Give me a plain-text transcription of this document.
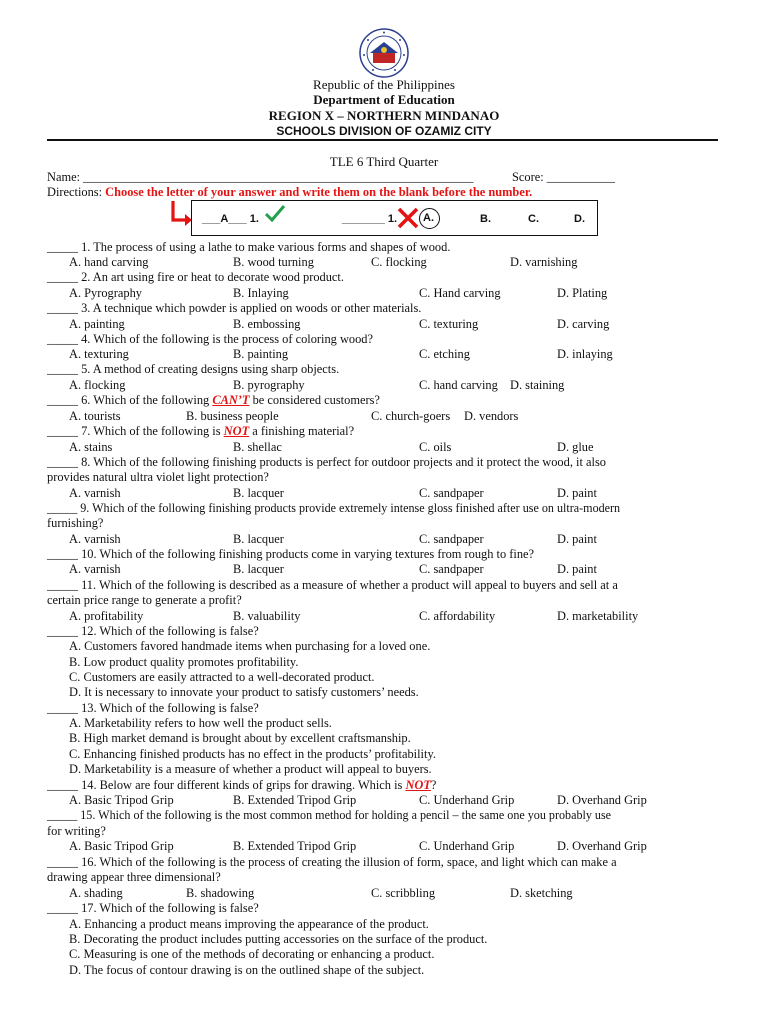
Republic of the Philippines
Department of Education
REGION X – NORTHERN MINDANAO
SCHOOLS DIVISION OF OZAMIZ CITY
TLE 6 Third Quarter
Name: _______________________________________________________________	Score: ___________
Directions: Choose the letter of your answer and write them on the blank before the number.
___A___ 1.	_______ 1. A.	B.	C.	D.
_____ 1. The process of using a lathe to make various forms and shapes of wood.
A. hand carving	B. wood turning	C. flocking	D. varnishing
_____ 2. An art using fire or heat to decorate wood product.
A. Pyrography	B. Inlaying	C. Hand carving	D. Plating
_____ 3. A technique which powder is applied on woods or other materials.
A. painting	B. embossing	C. texturing	D. carving
_____ 4. Which of the following is the process of coloring wood?
A. texturing	B. painting	C. etching	D. inlaying
_____ 5. A method of creating designs using sharp objects.
A. flocking	B. pyrography	C. hand carving D. staining
_____ 6. Which of the following CAN’T be considered customers?
A. tourists	B. business people	C. church-goers D. vendors
_____ 7. Which of the following is NOT a finishing material?
A. stains	B. shellac	C. oils	D. glue
_____ 8. Which of the following finishing products is perfect for outdoor projects and it protect the wood, it also
provides natural ultra violet light protection?
A. varnish	B. lacquer	C. sandpaper	D. paint
_____ 9. Which of the following finishing products provide extremely intense gloss finished after use on ultra-modern
furnishing?
A. varnish	B. lacquer	C. sandpaper	D. paint
_____ 10. Which of the following finishing products come in varying textures from rough to fine?
A. varnish	B. lacquer	C. sandpaper	D. paint
_____ 11. Which of the following is described as a measure of whether a product will appeal to buyers and sell at a
certain price range to generate a profit?
A. profitability	B. valuability	C. affordability	D. marketability
_____ 12. Which of the following is false?
A. Customers favored handmade items when purchasing for a loved one.
B. Low product quality promotes profitability.
C. Customers are easily attracted to a well-decorated product.
D. It is necessary to innovate your product to satisfy customers’ needs.
_____ 13. Which of the following is false?
A. Marketability refers to how well the product sells.
B. High market demand is brought about by excellent craftsmanship.
C. Enhancing finished products has no effect in the products’ profitability.
D. Marketability is a measure of whether a product will appeal to buyers.
_____ 14. Below are four different kinds of grips for drawing. Which is NOT?
A. Basic Tripod Grip	B. Extended Tripod Grip	C. Underhand Grip	D. Overhand Grip
_____ 15. Which of the following is the most common method for holding a pencil – the same one you probably use
for writing?
A. Basic Tripod Grip	B. Extended Tripod Grip	C. Underhand Grip	D. Overhand Grip
_____ 16. Which of the following is the process of creating the illusion of form, space, and light which can make a
drawing appear three dimensional?
A. shading	B. shadowing	C. scribbling	D. sketching
_____ 17. Which of the following is false?
A. Enhancing a product means improving the appearance of the product.
B. Decorating the product includes putting accessories on the surface of the product.
C. Measuring is one of the methods of decorating or enhancing a product.
D. The focus of contour drawing is on the outlined shape of the subject.
